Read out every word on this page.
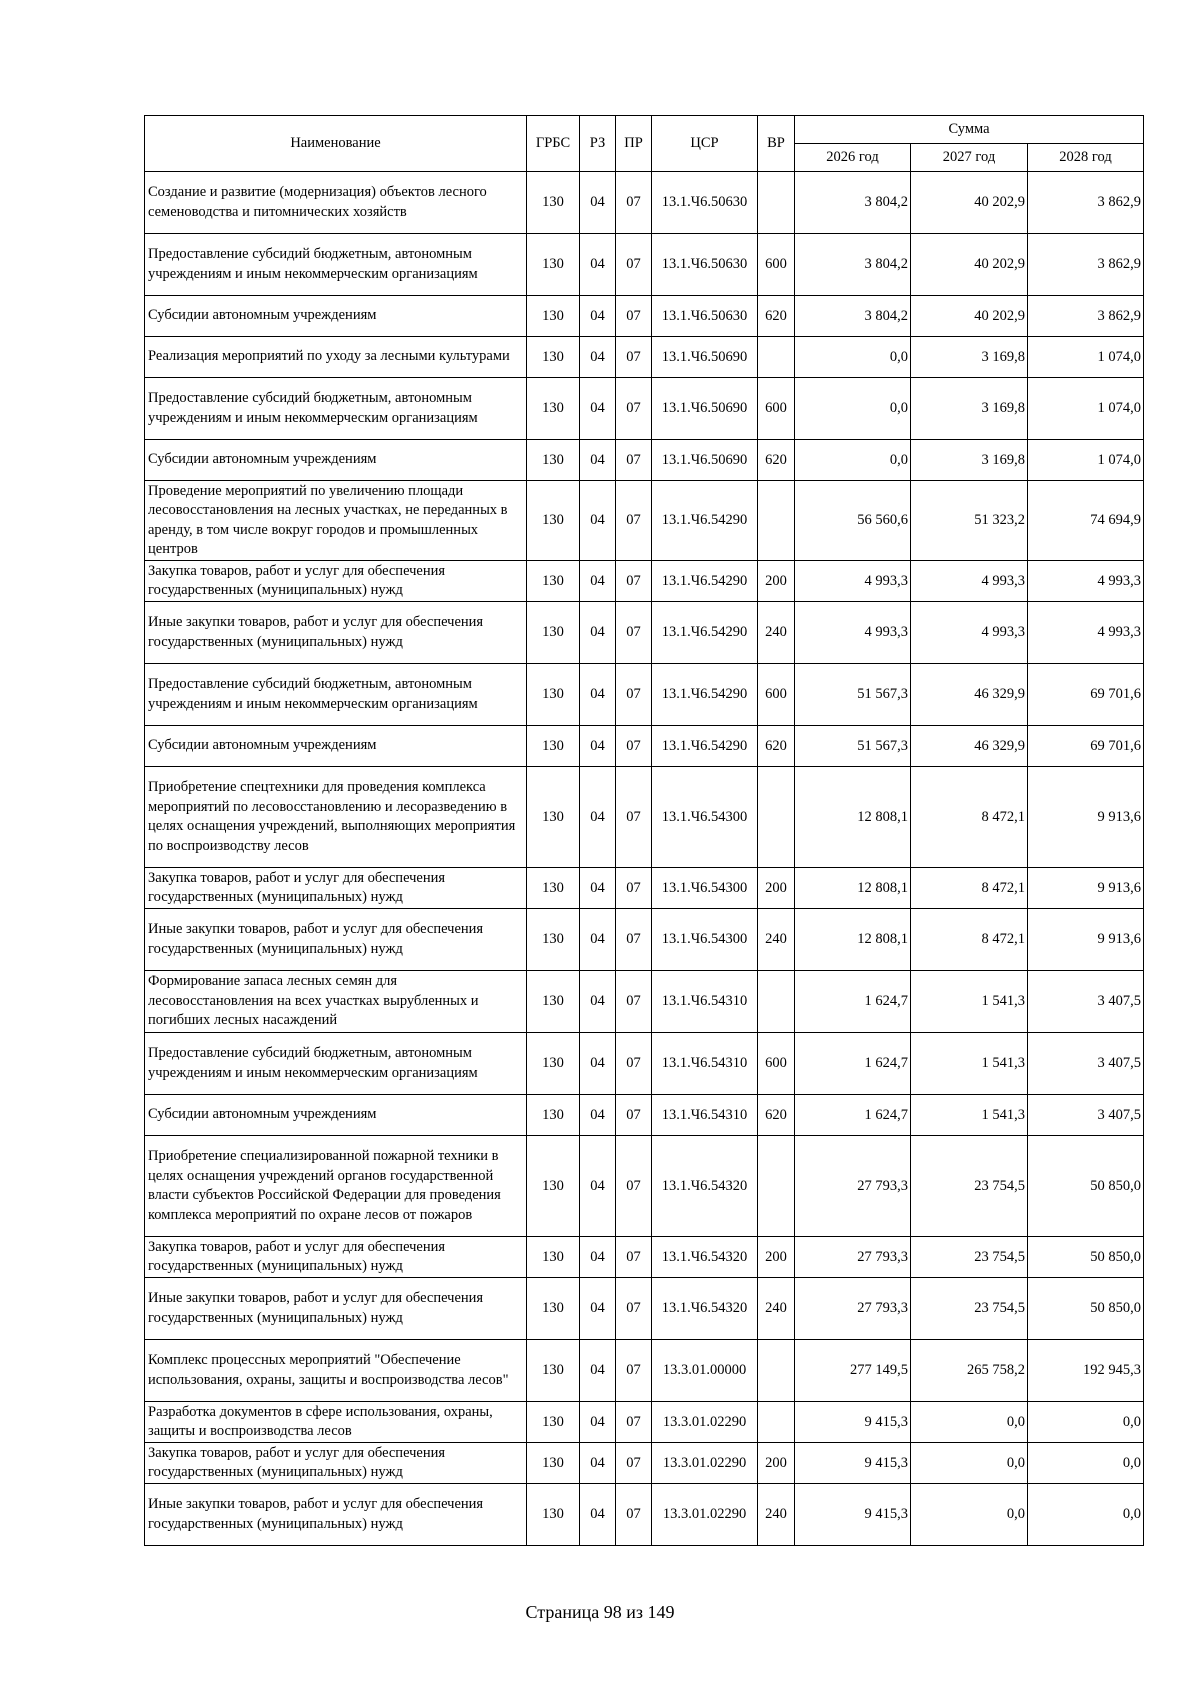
Наименование	ГРБС	РЗ	ПР	ЦСР	ВР	Сумма		
						2026 год	2027 год	2028 год
Создание и развитие (модернизация) объектов лесного семеноводства и питомнических хозяйств	130	04	07	13.1.Ч6.50630		3 804,2	40 202,9	3 862,9
Предоставление субсидий бюджетным, автономным учреждениям и иным некоммерческим организациям	130	04	07	13.1.Ч6.50630	600	3 804,2	40 202,9	3 862,9
Субсидии автономным учреждениям	130	04	07	13.1.Ч6.50630	620	3 804,2	40 202,9	3 862,9
Реализация мероприятий по уходу за лесными культурами	130	04	07	13.1.Ч6.50690		0,0	3 169,8	1 074,0
Предоставление субсидий бюджетным, автономным учреждениям и иным некоммерческим организациям	130	04	07	13.1.Ч6.50690	600	0,0	3 169,8	1 074,0
Субсидии автономным учреждениям	130	04	07	13.1.Ч6.50690	620	0,0	3 169,8	1 074,0
Проведение мероприятий по увеличению площади лесовосстановления на лесных участках, не переданных в аренду, в том числе вокруг городов и промышленных центров	130	04	07	13.1.Ч6.54290		56 560,6	51 323,2	74 694,9
Закупка товаров, работ и услуг для обеспечения государственных (муниципальных) нужд	130	04	07	13.1.Ч6.54290	200	4 993,3	4 993,3	4 993,3
Иные закупки товаров, работ и услуг для обеспечения государственных (муниципальных) нужд	130	04	07	13.1.Ч6.54290	240	4 993,3	4 993,3	4 993,3
Предоставление субсидий бюджетным, автономным учреждениям и иным некоммерческим организациям	130	04	07	13.1.Ч6.54290	600	51 567,3	46 329,9	69 701,6
Субсидии автономным учреждениям	130	04	07	13.1.Ч6.54290	620	51 567,3	46 329,9	69 701,6
Приобретение спецтехники для проведения комплекса мероприятий по лесовосстановлению и лесоразведению в целях оснащения учреждений, выполняющих мероприятия по воспроизводству лесов	130	04	07	13.1.Ч6.54300		12 808,1	8 472,1	9 913,6
Закупка товаров, работ и услуг для обеспечения государственных (муниципальных) нужд	130	04	07	13.1.Ч6.54300	200	12 808,1	8 472,1	9 913,6
Иные закупки товаров, работ и услуг для обеспечения государственных (муниципальных) нужд	130	04	07	13.1.Ч6.54300	240	12 808,1	8 472,1	9 913,6
Формирование запаса лесных семян для лесовосстановления на всех участках вырубленных и погибших лесных насаждений	130	04	07	13.1.Ч6.54310		1 624,7	1 541,3	3 407,5
Предоставление субсидий бюджетным, автономным учреждениям и иным некоммерческим организациям	130	04	07	13.1.Ч6.54310	600	1 624,7	1 541,3	3 407,5
Субсидии автономным учреждениям	130	04	07	13.1.Ч6.54310	620	1 624,7	1 541,3	3 407,5
Приобретение специализированной пожарной техники в целях оснащения учреждений органов государственной власти субъектов Российской Федерации для проведения комплекса мероприятий по охране лесов от пожаров	130	04	07	13.1.Ч6.54320		27 793,3	23 754,5	50 850,0
Закупка товаров, работ и услуг для обеспечения государственных (муниципальных) нужд	130	04	07	13.1.Ч6.54320	200	27 793,3	23 754,5	50 850,0
Иные закупки товаров, работ и услуг для обеспечения государственных (муниципальных) нужд	130	04	07	13.1.Ч6.54320	240	27 793,3	23 754,5	50 850,0
Комплекс процессных мероприятий "Обеспечение использования, охраны, защиты и воспроизводства лесов"	130	04	07	13.3.01.00000		277 149,5	265 758,2	192 945,3
Разработка документов в сфере использования, охраны, защиты и воспроизводства лесов	130	04	07	13.3.01.02290		9 415,3	0,0	0,0
Закупка товаров, работ и услуг для обеспечения государственных (муниципальных) нужд	130	04	07	13.3.01.02290	200	9 415,3	0,0	0,0
Иные закупки товаров, работ и услуг для обеспечения государственных (муниципальных) нужд	130	04	07	13.3.01.02290	240	9 415,3	0,0	0,0
Страница 98 из 149
